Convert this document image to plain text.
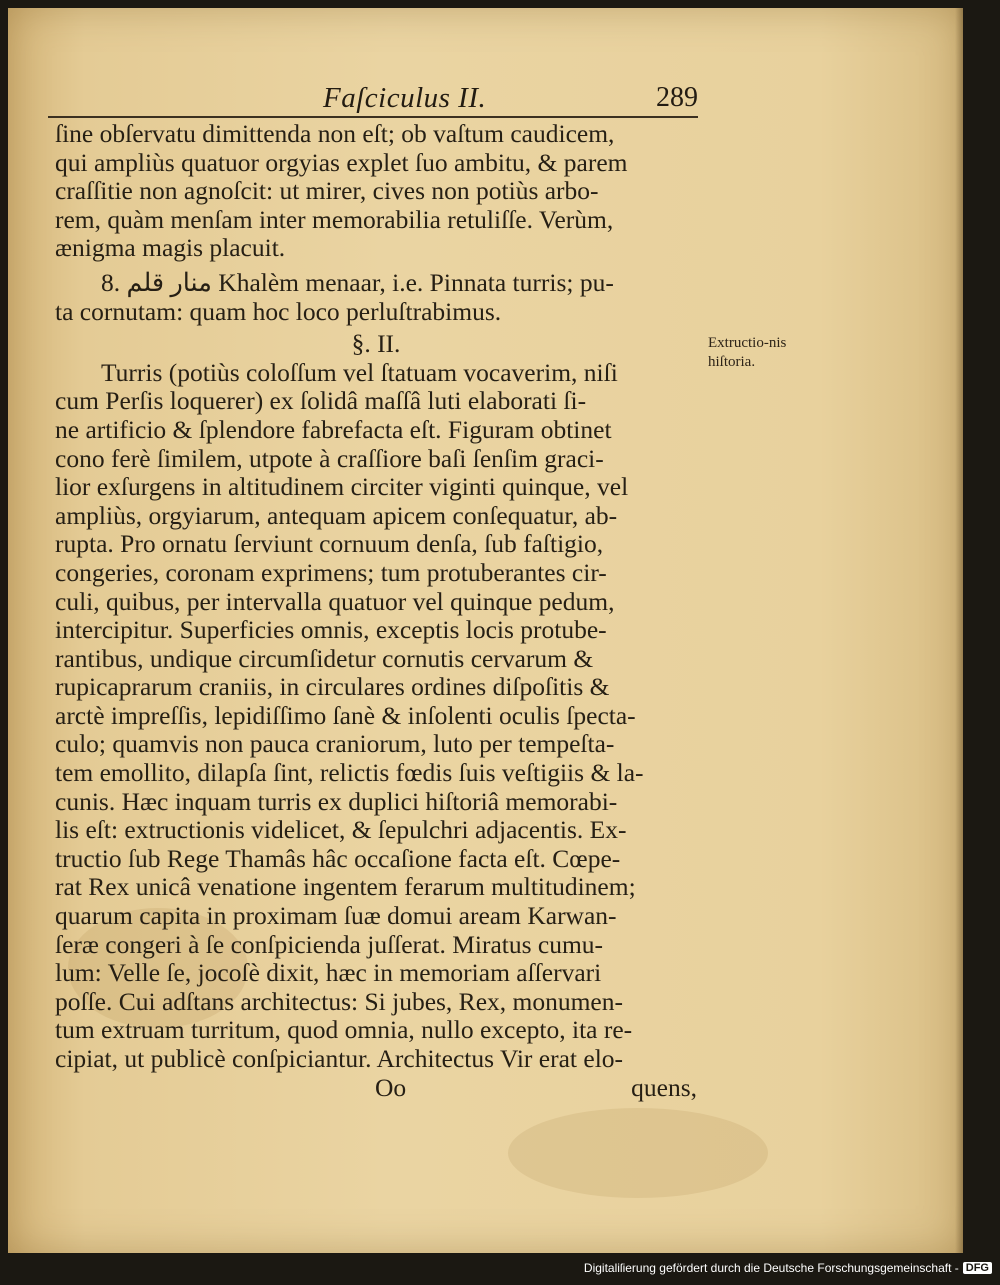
Faſciculus II.	289
ſine obſervatu dimittenda non eſt; ob vaſtum caudicem,
qui ampliùs quatuor orgyias explet ſuo ambitu, & parem
craſſitie non agnoſcit: ut mirer, cives non potiùs arbo-
rem, quàm menſam inter memorabilia retuliſſe. Verùm,
ænigma magis placuit.
8. منار قلم Khalèm menaar, i.e. Pinnata turris; pu-
ta cornutam: quam hoc loco perluſtrabimus.
§. II.
Turris (potiùs coloſſum vel ſtatuam vocaverim, niſi
cum Perſis loquerer) ex ſolidâ maſſâ luti elaborati ſi-
ne artificio & ſplendore fabrefacta eſt. Figuram obtinet
cono ferè ſimilem, utpote à craſſiore baſi ſenſim graci-
lior exſurgens in altitudinem circiter viginti quinque, vel
ampliùs, orgyiarum, antequam apicem conſequatur, ab-
rupta. Pro ornatu ſerviunt cornuum denſa, ſub faſtigio,
congeries, coronam exprimens; tum protuberantes cir-
culi, quibus, per intervalla quatuor vel quinque pedum,
intercipitur. Superficies omnis, exceptis locis protube-
rantibus, undique circumſidetur cornutis cervarum &
rupicaprarum craniis, in circulares ordines diſpoſitis &
arctè impreſſis, lepidiſſimo ſanè & inſolenti oculis ſpecta-
culo; quamvis non pauca craniorum, luto per tempeſta-
tem emollito, dilapſa ſint, relictis fœdis ſuis veſtigiis & la-
cunis. Hæc inquam turris ex duplici hiſtoriâ memorabi-
lis eſt: extructionis videlicet, & ſepulchri adjacentis. Ex-
tructio ſub Rege Thamâs hâc occaſione facta eſt. Cœpe-
rat Rex unicâ venatione ingentem ferarum multitudinem;
quarum capita in proximam ſuæ domui aream Karwan-
ſeræ congeri à ſe conſpicienda juſſerat. Miratus cumu-
lum: Velle ſe, jocoſè dixit, hæc in memoriam aſſervari
poſſe. Cui adſtans architectus: Si jubes, Rex, monumen-
tum extruam turritum, quod omnia, nullo excepto, ita re-
cipiat, ut publicè conſpiciantur. Architectus Vir erat elo-
Oo	quens,
Extructio-nis hiſtoria.
Digitaliſierung gefördert durch die Deutsche Forschungsgemeinschaft - DFG
